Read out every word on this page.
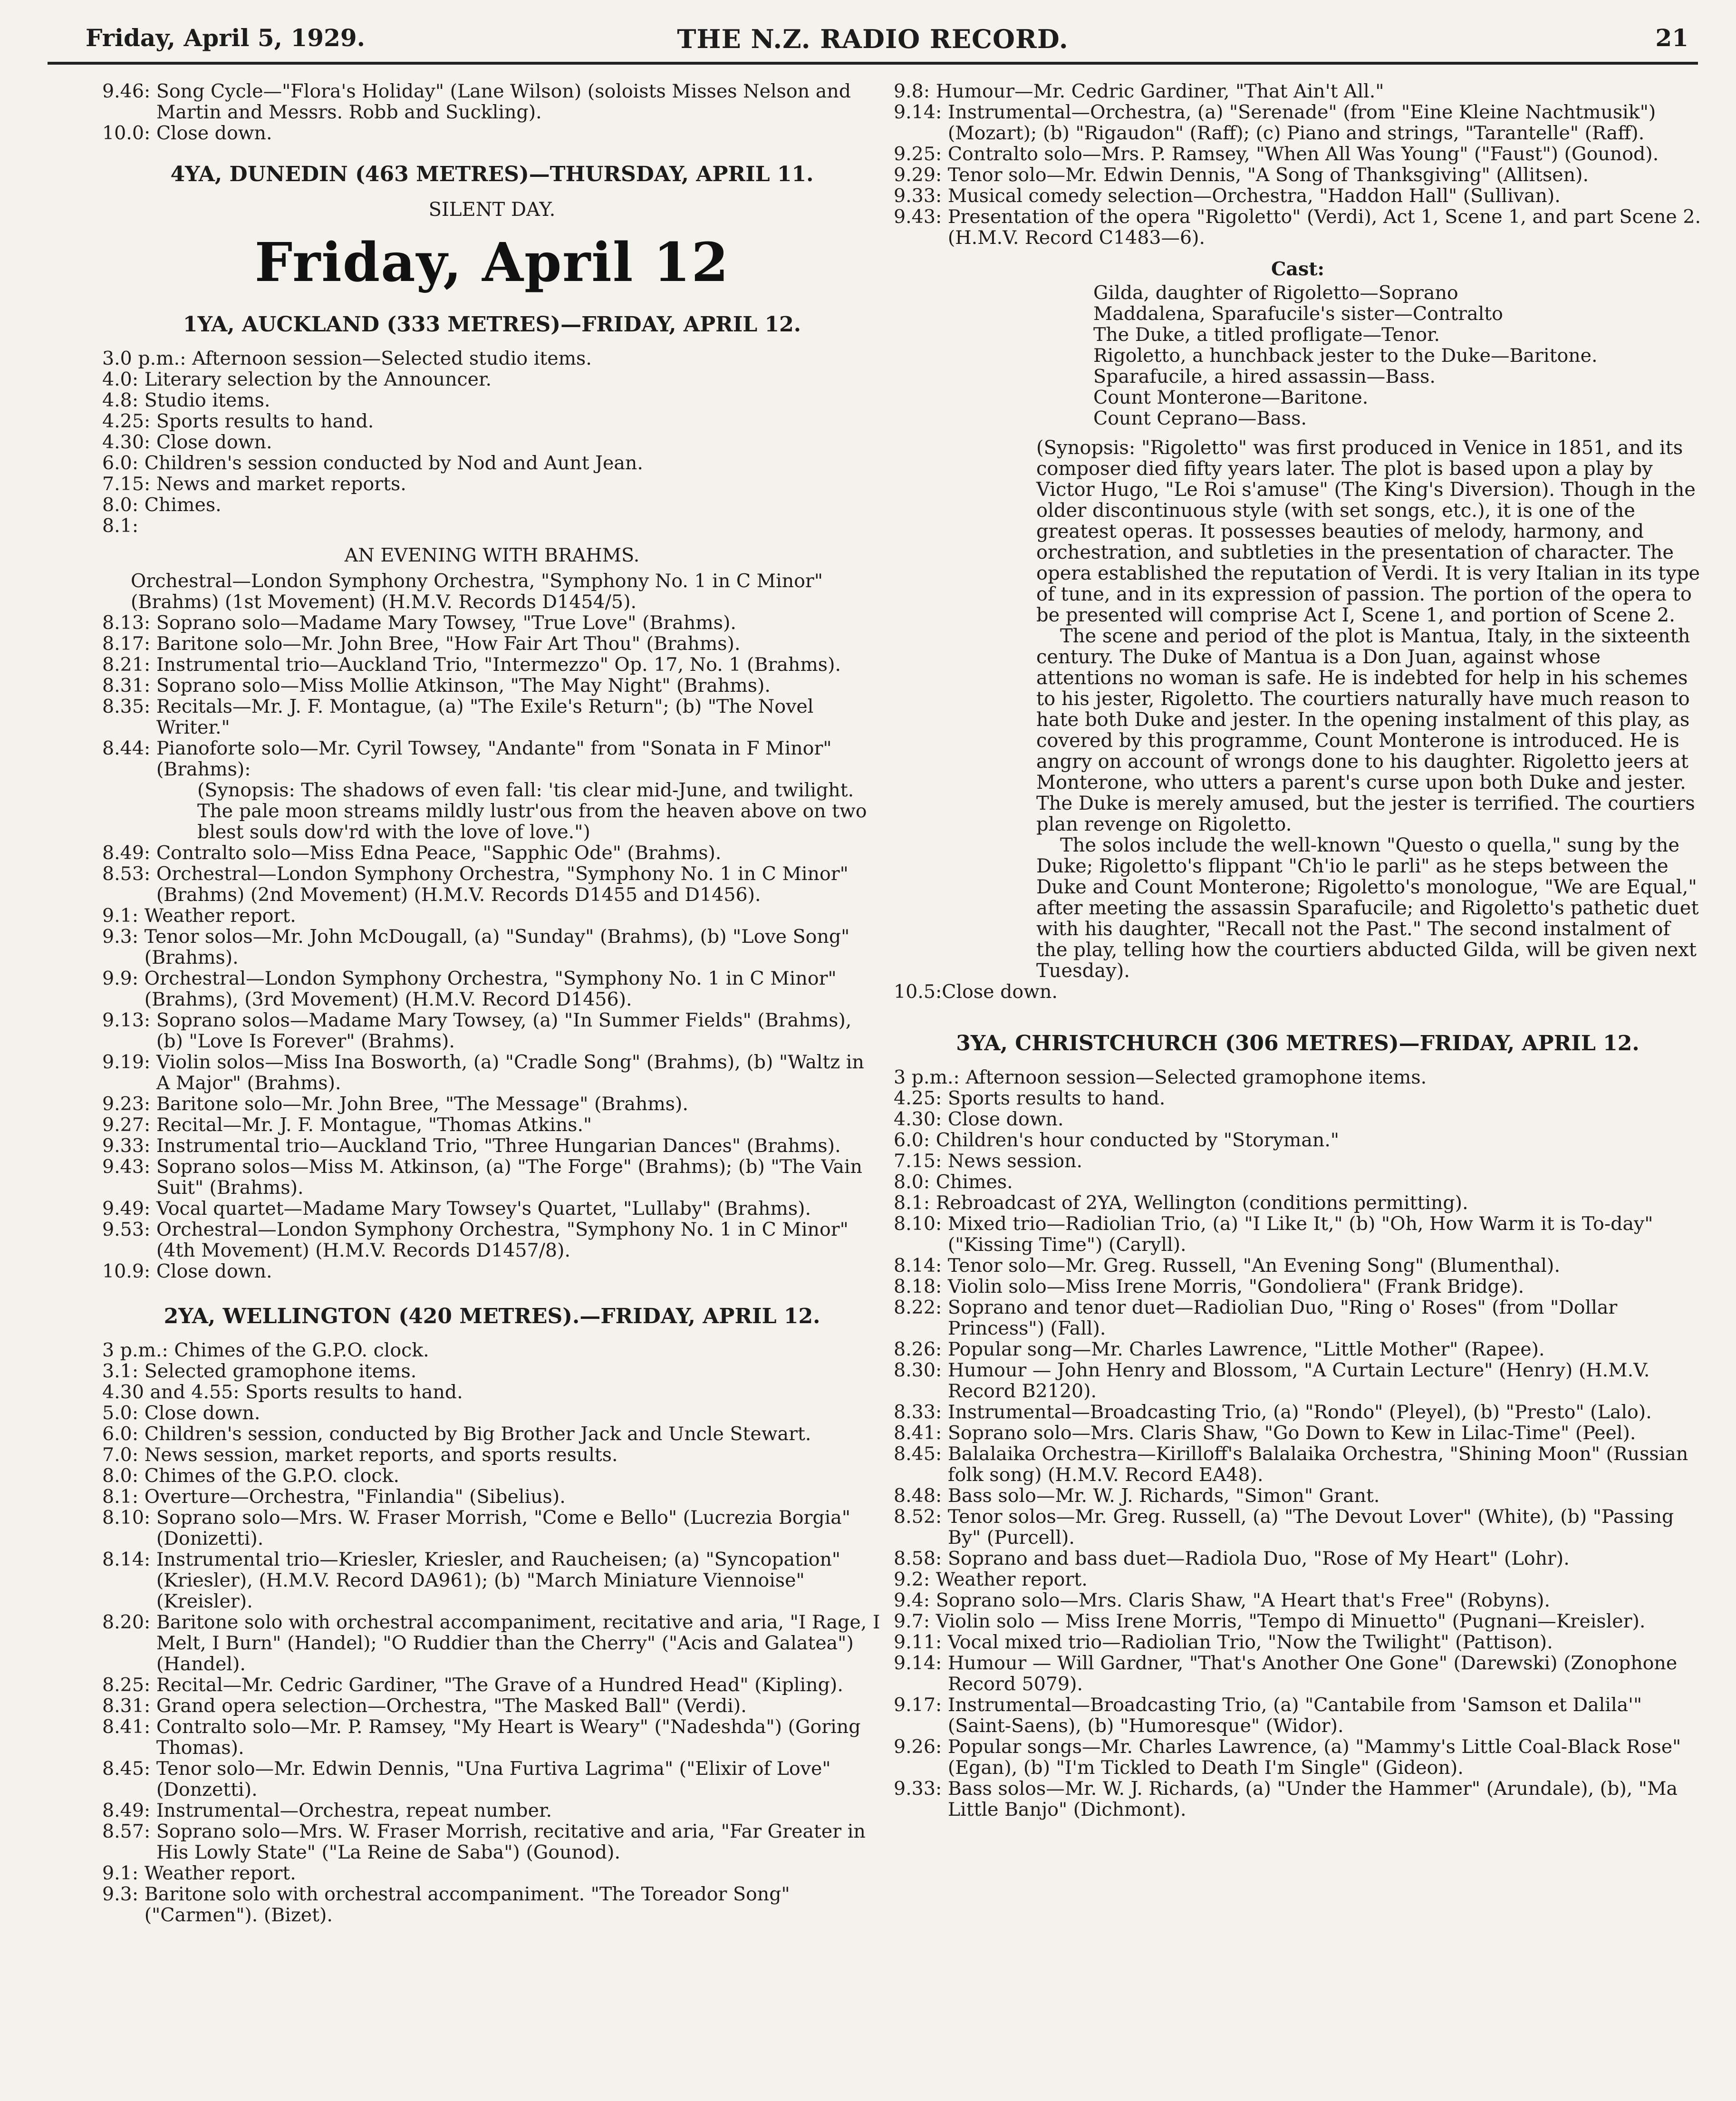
THE N.Z. RADIO RECORD.
Friday, April 5, 1929.	21
9.46: Song Cycle—"Flora's Holiday" (Lane Wilson) (soloists Misses Nelson and Martin and Messrs. Robb and Suckling).
10.0: Close down.
4YA, DUNEDIN (463 METRES)—THURSDAY, APRIL 11.
SILENT DAY.
Friday, April 12
1YA, AUCKLAND (333 METRES)—FRIDAY, APRIL 12.
3.0 p.m.: Afternoon session—Selected studio items.
4.0: Literary selection by the Announcer.
4.8: Studio items.
4.25: Sports results to hand.
4.30: Close down.
6.0: Children's session conducted by Nod and Aunt Jean.
7.15: News and market reports.
8.0: Chimes.
8.1:
AN EVENING WITH BRAHMS.
Orchestral—London Symphony Orchestra, "Symphony No. 1 in C Minor" (Brahms) (1st Movement) (H.M.V. Records D1454/5).
8.13: Soprano solo—Madame Mary Towsey, "True Love" (Brahms).
8.17: Baritone solo—Mr. John Bree, "How Fair Art Thou" (Brahms).
8.21: Instrumental trio—Auckland Trio, "Intermezzo" Op. 17, No. 1 (Brahms).
8.31: Soprano solo—Miss Mollie Atkinson, "The May Night" (Brahms).
8.35: Recitals—Mr. J. F. Montague, (a) "The Exile's Return"; (b) "The Novel Writer."
8.44: Pianoforte solo—Mr. Cyril Towsey, "Andante" from "Sonata in F Minor" (Brahms):
(Synopsis: The shadows of even fall: 'tis clear mid-June, and twilight. The pale moon streams mildly lustr'ous from the heaven above on two blest souls dow'rd with the love of love.")
8.49: Contralto solo—Miss Edna Peace, "Sapphic Ode" (Brahms).
8.53: Orchestral—London Symphony Orchestra, "Symphony No. 1 in C Minor" (Brahms) (2nd Movement) (H.M.V. Records D1455 and D1456).
9.1: Weather report.
9.3: Tenor solos—Mr. John McDougall, (a) "Sunday" (Brahms), (b) "Love Song" (Brahms).
9.9: Orchestral—London Symphony Orchestra, "Symphony No. 1 in C Minor" (Brahms), (3rd Movement) (H.M.V. Record D1456).
9.13: Soprano solos—Madame Mary Towsey, (a) "In Summer Fields" (Brahms), (b) "Love Is Forever" (Brahms).
9.19: Violin solos—Miss Ina Bosworth, (a) "Cradle Song" (Brahms), (b) "Waltz in A Major" (Brahms).
9.23: Baritone solo—Mr. John Bree, "The Message" (Brahms).
9.27: Recital—Mr. J. F. Montague, "Thomas Atkins."
9.33: Instrumental trio—Auckland Trio, "Three Hungarian Dances" (Brahms).
9.43: Soprano solos—Miss M. Atkinson, (a) "The Forge" (Brahms); (b) "The Vain Suit" (Brahms).
9.49: Vocal quartet—Madame Mary Towsey's Quartet, "Lullaby" (Brahms).
9.53: Orchestral—London Symphony Orchestra, "Symphony No. 1 in C Minor" (4th Movement) (H.M.V. Records D1457/8).
10.9: Close down.
2YA, WELLINGTON (420 METRES).—FRIDAY, APRIL 12.
3 p.m.: Chimes of the G.P.O. clock.
3.1: Selected gramophone items.
4.30 and 4.55: Sports results to hand.
5.0: Close down.
6.0: Children's session, conducted by Big Brother Jack and Uncle Stewart.
7.0: News session, market reports, and sports results.
8.0: Chimes of the G.P.O. clock.
8.1: Overture—Orchestra, "Finlandia" (Sibelius).
8.10: Soprano solo—Mrs. W. Fraser Morrish, "Come e Bello" (Lucrezia Borgia" (Donizetti).
8.14: Instrumental trio—Kriesler, Kriesler, and Raucheisen; (a) "Syncopation" (Kriesler), (H.M.V. Record DA961); (b) "March Miniature Viennoise" (Kreisler).
8.20: Baritone solo with orchestral accompaniment, recitative and aria, "I Rage, I Melt, I Burn" (Handel); "O Ruddier than the Cherry" ("Acis and Galatea") (Handel).
8.25: Recital—Mr. Cedric Gardiner, "The Grave of a Hundred Head" (Kipling).
8.31: Grand opera selection—Orchestra, "The Masked Ball" (Verdi).
8.41: Contralto solo—Mr. P. Ramsey, "My Heart is Weary" ("Nadeshda") (Goring Thomas).
8.45: Tenor solo—Mr. Edwin Dennis, "Una Furtiva Lagrima" ("Elixir of Love" (Donzetti).
8.49: Instrumental—Orchestra, repeat number.
8.57: Soprano solo—Mrs. W. Fraser Morrish, recitative and aria, "Far Greater in His Lowly State" ("La Reine de Saba") (Gounod).
9.1: Weather report.
9.3: Baritone solo with orchestral accompaniment. "The Toreador Song" ("Carmen"). (Bizet).
9.8: Humour—Mr. Cedric Gardiner, "That Ain't All."
9.14: Instrumental—Orchestra, (a) "Serenade" (from "Eine Kleine Nachtmusik") (Mozart); (b) "Rigaudon" (Raff); (c) Piano and strings, "Tarantelle" (Raff).
9.25: Contralto solo—Mrs. P. Ramsey, "When All Was Young" ("Faust") (Gounod).
9.29: Tenor solo—Mr. Edwin Dennis, "A Song of Thanksgiving" (Allitsen).
9.33: Musical comedy selection—Orchestra, "Haddon Hall" (Sullivan).
9.43: Presentation of the opera "Rigoletto" (Verdi), Act 1, Scene 1, and part Scene 2. (H.M.V. Record C1483—6).
Cast:
Gilda, daughter of Rigoletto—Soprano
Maddalena, Sparafucile's sister—Contralto
The Duke, a titled profligate—Tenor.
Rigoletto, a hunchback jester to the Duke—Baritone.
Sparafucile, a hired assassin—Bass.
Count Monterone—Baritone.
Count Ceprano—Bass.

(Synopsis: "Rigoletto" was first produced in Venice in 1851, and its composer died fifty years later. The plot is based upon a play by Victor Hugo, "Le Roi s'amuse" (The King's Diversion). Though in the older discontinuous style (with set songs, etc.), it is one of the greatest operas. It possesses beauties of melody, harmony, and orchestration, and subtleties in the presentation of character. The opera established the reputation of Verdi. It is very Italian in its type of tune, and in its expression of passion. The portion of the opera to be presented will comprise Act I, Scene 1, and portion of Scene 2.

The scene and period of the plot is Mantua, Italy, in the sixteenth century. The Duke of Mantua is a Don Juan, against whose attentions no woman is safe. He is indebted for help in his schemes to his jester, Rigoletto. The courtiers naturally have much reason to hate both Duke and jester. In the opening instalment of this play, as covered by this programme, Count Monterone is introduced. He is angry on account of wrongs done to his daughter. Rigoletto jeers at Monterone, who utters a parent's curse upon both Duke and jester. The Duke is merely amused, but the jester is terrified. The courtiers plan revenge on Rigoletto.

The solos include the well-known "Questo o quella," sung by the Duke; Rigoletto's flippant "Ch'io le parli" as he steps between the Duke and Count Monterone; Rigoletto's monologue, "We are Equal," after meeting the assassin Sparafucile; and Rigoletto's pathetic duet with his daughter, "Recall not the Past." The second instalment of the play, telling how the courtiers abducted Gilda, will be given next Tuesday).

10.5: Close down.
3YA, CHRISTCHURCH (306 METRES)—FRIDAY, APRIL 12.
3 p.m.: Afternoon session—Selected gramophone items.
4.25: Sports results to hand.
4.30: Close down.
6.0: Children's hour conducted by "Storyman."
7.15: News session.
8.0: Chimes.
8.1: Rebroadcast of 2YA, Wellington (conditions permitting).
8.10: Mixed trio—Radiolian Trio, (a) "I Like It," (b) "Oh, How Warm it is To-day" ("Kissing Time") (Caryll).
8.14: Tenor solo—Mr. Greg. Russell, "An Evening Song" (Blumenthal).
8.18: Violin solo—Miss Irene Morris, "Gondoliera" (Frank Bridge).
8.22: Soprano and tenor duet—Radiolian Duo, "Ring o' Roses" (from "Dollar Princess") (Fall).
8.26: Popular song—Mr. Charles Lawrence, "Little Mother" (Rapee).
8.30: Humour — John Henry and Blossom, "A Curtain Lecture" (Henry) (H.M.V. Record B2120).
8.33: Instrumental—Broadcasting Trio, (a) "Rondo" (Pleyel), (b) "Presto" (Lalo).
8.41: Soprano solo—Mrs. Claris Shaw, "Go Down to Kew in Lilac-Time" (Peel).
8.45: Balalaika Orchestra—Kirilloff's Balalaika Orchestra, "Shining Moon" (Russian folk song) (H.M.V. Record EA48).
8.48: Bass solo—Mr. W. J. Richards, "Simon" Grant.
8.52: Tenor solos—Mr. Greg. Russell, (a) "The Devout Lover" (White), (b) "Passing By" (Purcell).
8.58: Soprano and bass duet—Radiola Duo, "Rose of My Heart" (Lohr).
9.2: Weather report.
9.4: Soprano solo—Mrs. Claris Shaw, "A Heart that's Free" (Robyns).
9.7: Violin solo — Miss Irene Morris, "Tempo di Minuetto" (Pugnani—Kreisler).
9.11: Vocal mixed trio—Radiolian Trio, "Now the Twilight" (Pattison).
9.14: Humour — Will Gardner, "That's Another One Gone" (Darewski) (Zonophone Record 5079).
9.17: Instrumental—Broadcasting Trio, (a) "Cantabile from 'Samson et Dalila'" (Saint-Saens), (b) "Humoresque" (Widor).
9.26: Popular songs—Mr. Charles Lawrence, (a) "Mammy's Little Coal-Black Rose" (Egan), (b) "I'm Tickled to Death I'm Single" (Gideon).
9.33: Bass solos—Mr. W. J. Richards, (a) "Under the Hammer" (Arundale), (b), "Ma Little Banjo" (Dichmont).
